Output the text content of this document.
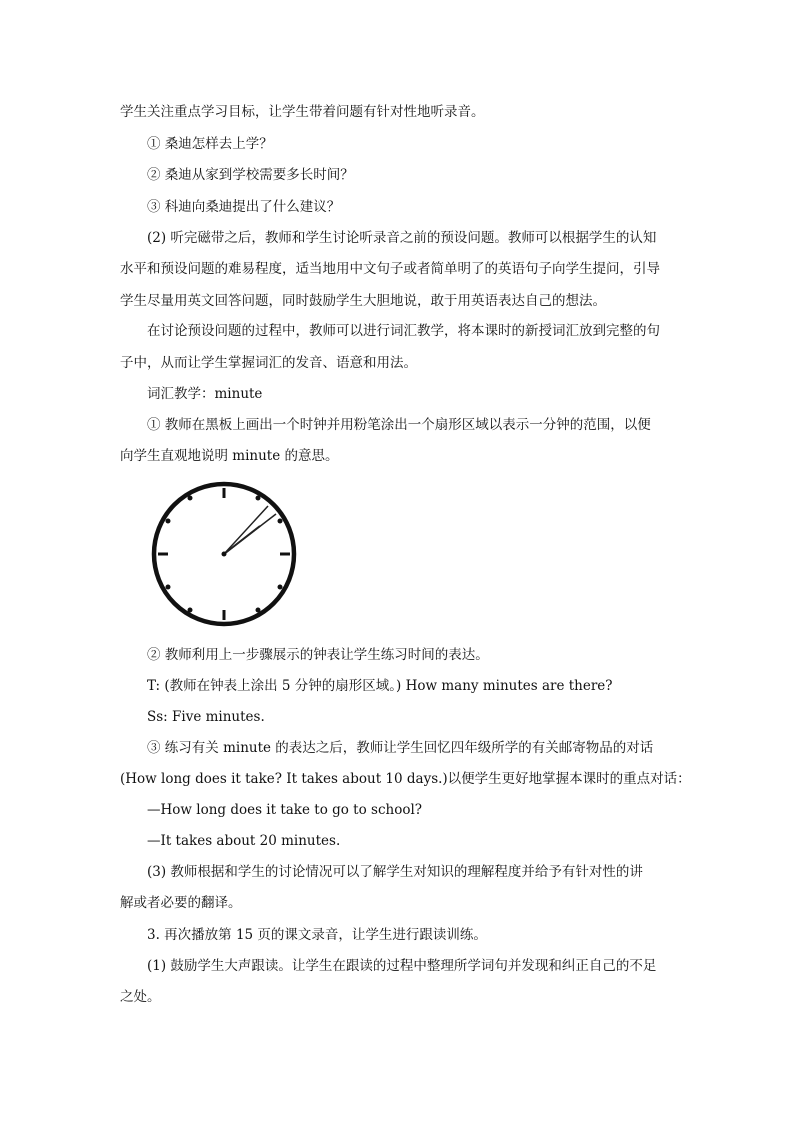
学生关注重点学习目标，让学生带着问题有针对性地听录音。
① 桑迪怎样去上学？
② 桑迪从家到学校需要多长时间？
③ 科迪向桑迪提出了什么建议？
(2) 听完磁带之后，教师和学生讨论听录音之前的预设问题。教师可以根据学生的认知
水平和预设问题的难易程度，适当地用中文句子或者简单明了的英语句子向学生提问，引导
学生尽量用英文回答问题，同时鼓励学生大胆地说，敢于用英语表达自己的想法。
在讨论预设问题的过程中，教师可以进行词汇教学，将本课时的新授词汇放到完整的句
子中，从而让学生掌握词汇的发音、语意和用法。
词汇教学：minute
① 教师在黑板上画出一个时钟并用粉笔涂出一个扇形区域以表示一分钟的范围，以便
向学生直观地说明 minute 的意思。
② 教师利用上一步骤展示的钟表让学生练习时间的表达。
T: (教师在钟表上涂出 5 分钟的扇形区域。) How many minutes are there?
Ss: Five minutes.
③ 练习有关 minute 的表达之后，教师让学生回忆四年级所学的有关邮寄物品的对话
(How long does it take? It takes about 10 days.)以便学生更好地掌握本课时的重点对话：
—How long does it take to go to school?
—It takes about 20 minutes.
(3) 教师根据和学生的讨论情况可以了解学生对知识的理解程度并给予有针对性的讲
解或者必要的翻译。
3. 再次播放第 15 页的课文录音，让学生进行跟读训练。
(1) 鼓励学生大声跟读。让学生在跟读的过程中整理所学词句并发现和纠正自己的不足
之处。
